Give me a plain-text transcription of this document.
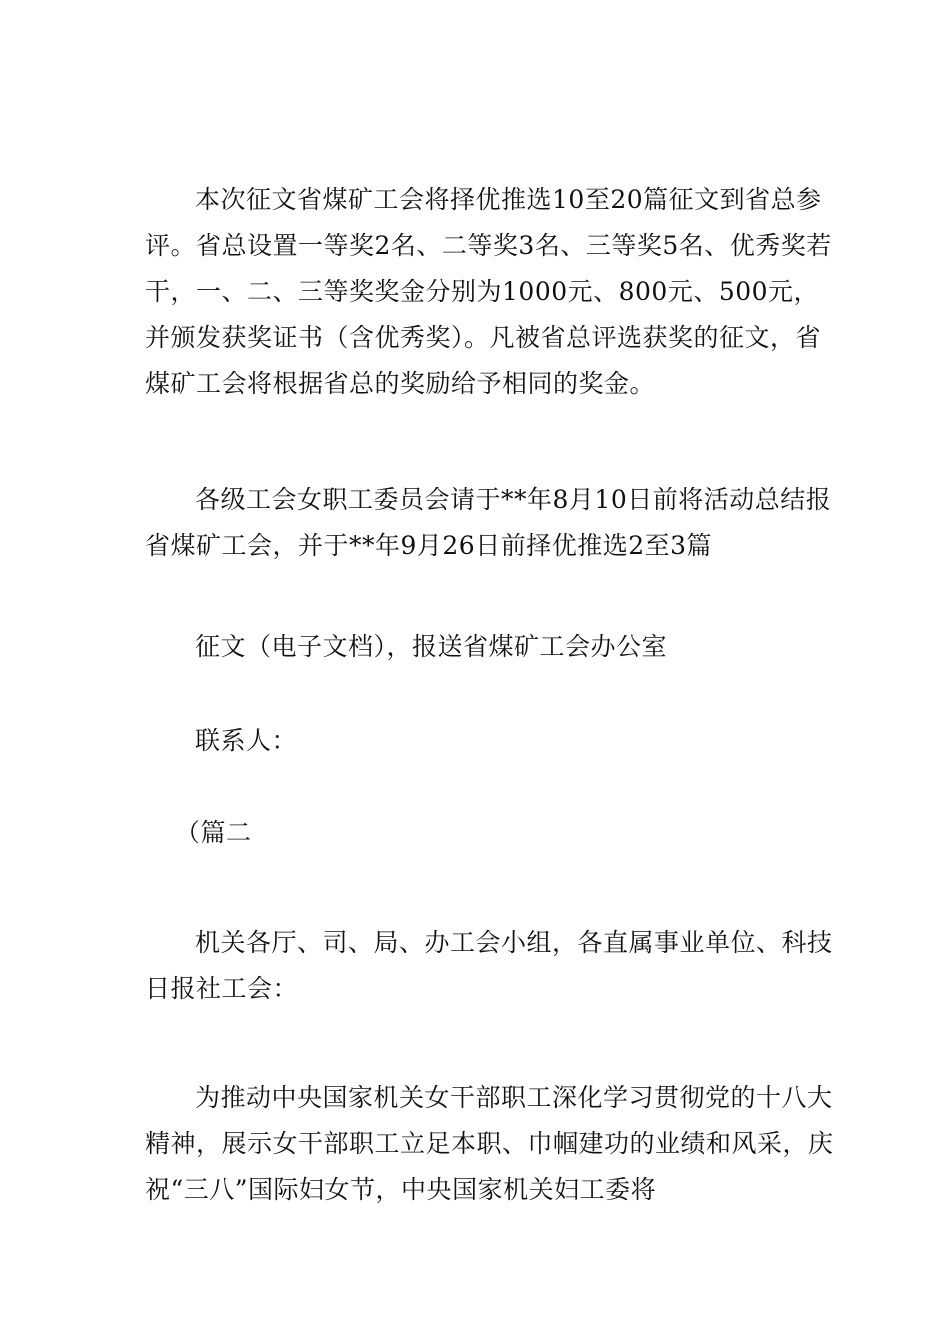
本次征文省煤矿工会将择优推选10至20篇征文到省总参评。省总设置一等奖2名、二等奖3名、三等奖5名、优秀奖若干，一、二、三等奖奖金分别为1000元、800元、500元，并颁发获奖证书（含优秀奖）。凡被省总评选获奖的征文，省煤矿工会将根据省总的奖励给予相同的奖金。

各级工会女职工委员会请于**年8月10日前将活动总结报省煤矿工会，并于**年9月26日前择优推选2至3篇

征文（电子文档），报送省煤矿工会办公室

联系人：

（篇二

机关各厅、司、局、办工会小组，各直属事业单位、科技日报社工会：

为推动中央国家机关女干部职工深化学习贯彻党的十八大精神，展示女干部职工立足本职、巾帼建功的业绩和风采，庆祝“三八”国际妇女节，中央国家机关妇工委将
